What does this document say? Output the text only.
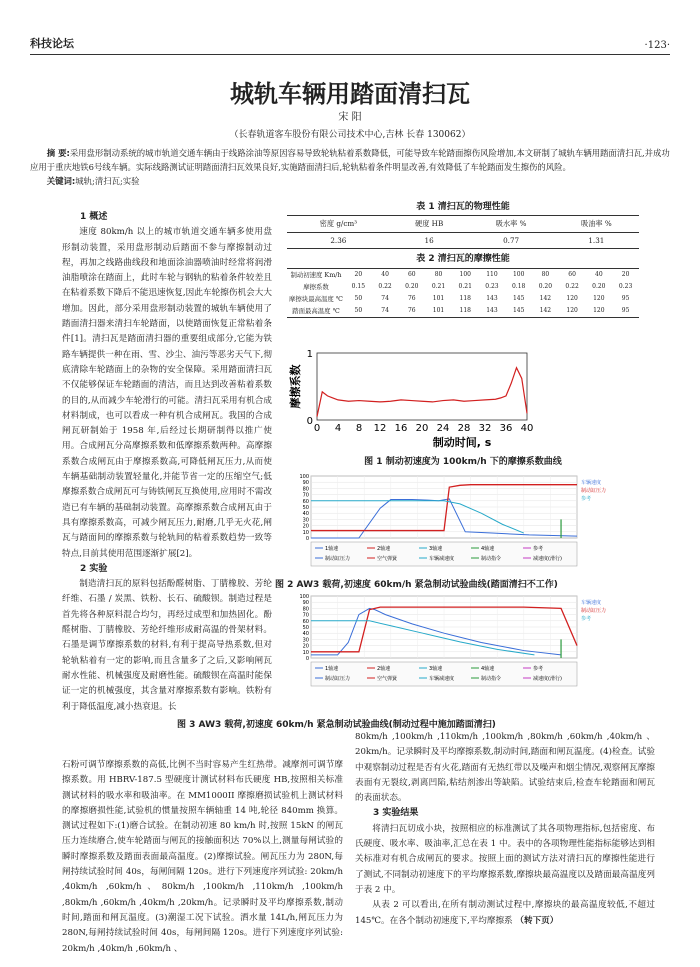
科技论坛	·123·
城轨车辆用踏面清扫瓦
宋 阳
（长春轨道客车股份有限公司技术中心,吉林 长春 130062）
摘 要:采用盘形制动系统的城市轨道交通车辆由于线路涂油等原因容易导致轮轨粘着系数降低，可能导致车轮踏面擦伤风险增加,本文研制了城轨车辆用踏面清扫瓦,并成功应用于重庆地铁6号线车辆。实际线路测试证明踏面清扫瓦效果良好,实施踏面清扫后,轮轨粘着条件明显改善,有效降低了车轮踏面发生擦伤的风险。
关键词:城轨;清扫瓦;实验
1 概述

速度 80km/h 以上的城市轨道交通车辆多使用盘形制动装置，采用盘形制动后踏面不参与摩擦制动过程，再加之线路曲线段和地面涂油器喷油时经常将润滑油脂喷涂在踏面上，此时车轮与钢轨的粘着条件较差且在粘着系数下降后不能迅速恢复,因此车轮擦伤机会大大增加。因此，部分采用盘形制动装置的城轨车辆使用了踏面清扫器来清扫车轮踏面，以使踏面恢复正常粘着条件[1]。清扫瓦是踏面清扫器的重要组成部分,它能为铁路车辆提供一种在雨、雪、沙尘、油污等恶劣天气下,彻底清除车轮踏面上的杂物的安全保障。采用踏面清扫瓦不仅能够保证车轮踏面的清洁，而且达到改善粘着系数的目的,从而减少车轮滑行的可能。清扫瓦采用有机合成材料制成，也可以看成一种有机合成闸瓦。我国的合成闸瓦研制始于 1958 年,后经过长期研制得以推广使用。合成闸瓦分高摩擦系数和低摩擦系数两种。高摩擦系数合成闸瓦由于摩擦系数高,可降低闸瓦压力,从而使车辆基础制动装置轻量化,并能节省一定的压缩空气;低摩擦系数合成闸瓦可与铸铁闸瓦互换使用,应用时不需改造已有车辆的基础制动装置。高摩擦系数合成闸瓦由于具有摩擦系数高，可减少闸瓦压力,耐磨,几乎无火花,闸瓦与踏面间的摩擦系数与轮轨间的粘着系数趋势一致等特点,目前其使用范围逐渐扩展[2]。

2 实验

制造清扫瓦的原料包括酚醛树脂、丁腈橡胶、芳纶纤维、石墨 / 炭黑、铁粉、长石、硫酸钡。制造过程是首先将各种原料混合均匀，再经过成型和加热固化。酚醛树脂、丁腈橡胶、芳纶纤维形成耐高温的骨架材料。石墨是调节摩擦系数的材料,有利于提高导热系数,但对轮轨粘着有一定的影响,而且含量多了之后,又影响闸瓦耐水性能、机械强度及耐磨性能。硫酸钡在高温时能保证一定的机械强度，其含量对摩擦系数有影响。铁粉有利于降低温度,减小热衰退。长

石粉可调节摩擦系数的高低,比例不当时容易产生红热带。减摩剂可调节摩擦系数。用 HBRV-187.5 型硬度计测试材料布氏硬度 HB,按照相关标准测试材料的吸水率和吸油率。在 MM1000II 摩擦磨损试验机上测试材料的摩擦磨损性能,试验机的惯量按照车辆轴重 14 吨,轮径 840mm 换算。测试过程如下:(1)磨合试验。在制动初速 80 km/h 时,按照 15kN 的闸瓦压力连续磨合,使车轮踏面与闸瓦的接触面积达 70%以上,测量每闸试验的瞬时摩擦系数及踏面表面最高温度。(2)摩擦试验。闸瓦压力为 280N,每闸持续试验时间 40s，每闸间隔 120s。进行下列速度序列试验: 20km/h ,40km/h ,60km/h、80km/h ,100km/h ,110km/h ,100km/h ,80km/h ,60km/h ,40km/h ,20km/h。记录瞬时及平均摩擦系数,制动时间,踏面和闸瓦温度。(3)潮湿工况下试验。洒水量 14L/h,闸瓦压力为 280N,每闸持续试验时间 40s，每闸间隔 120s。进行下列速度序列试验: 20km/h ,40km/h ,60km/h 、

表 1 清扫瓦的物理性能
密度 g/cm³	硬度 HB	吸水率 %	吸油率 %
2.36	16	0.77	1.31
表 2 清扫瓦的摩擦性能
制动初速度 Km/h	20	40	60	80	100	110	100	80	60	40	20
摩擦系数	0.15	0.22	0.20	0.21	0.21	0.23	0.18	0.20	0.22	0.20	0.23
摩擦块最高温度 ℃	50	74	76	101	118	143	145	142	120	120	95
踏面最高温度 ℃	50	74	76	101	118	143	145	142	120	120	95
0 4 8 12 16 20 24 28 32 36 40
0
1
摩擦系数
制动时间, s
图 1 制动初速度为 100km/h 下的摩擦系数曲线
0
10
20
30
40
50
60
70
80
90
100
车辆速度
制动缸压力
参考
1轴速	2轴速	3轴速	4轴速	参考
制动缸压力	空气弹簧	车辆减速度	制动指令	减速度(滑行)
图 2 AW3 载荷,初速度 60km/h 紧急制动试验曲线(踏面清扫不工作)
0
10
20
30
40
50
60
70
80
90
100
车辆速度
制动缸压力
参考
1轴速	2轴速	3轴速	4轴速	参考
制动缸压力	空气弹簧	车辆减速度	制动指令	减速度(滑行)
图 3 AW3 载荷,初速度 60km/h 紧急制动试验曲线(制动过程中施加踏面清扫)

80km/h ,100km/h ,110km/h ,100km/h ,80km/h ,60km/h ,40km/h 、20km/h。记录瞬时及平均摩擦系数,制动时间,踏面和闸瓦温度。(4)检查。试验中观察制动过程是否有火花,踏面有无热红带以及噪声和烟尘情况,观察闸瓦摩擦表面有无裂纹,剥离凹陷,粘结剂渗出等缺陷。试验结束后,检查车轮踏面和闸瓦的表面状态。

3 实验结果

将清扫瓦切成小块，按照相应的标准测试了其各项物理指标,包括密度、布氏硬度、吸水率、吸油率,汇总在表 1 中。表中的各项物理性能指标能够达到相关标准对有机合成闸瓦的要求。按照上面的测试方法对清扫瓦的摩擦性能进行了测试,不同制动初速度下的平均摩擦系数,摩擦块最高温度以及踏面最高温度列于表 2 中。

从表 2 可以看出,在所有制动测试过程中,摩擦块的最高温度较低,不超过 145℃。在各个制动初速度下,平均摩擦系 （转下页）
